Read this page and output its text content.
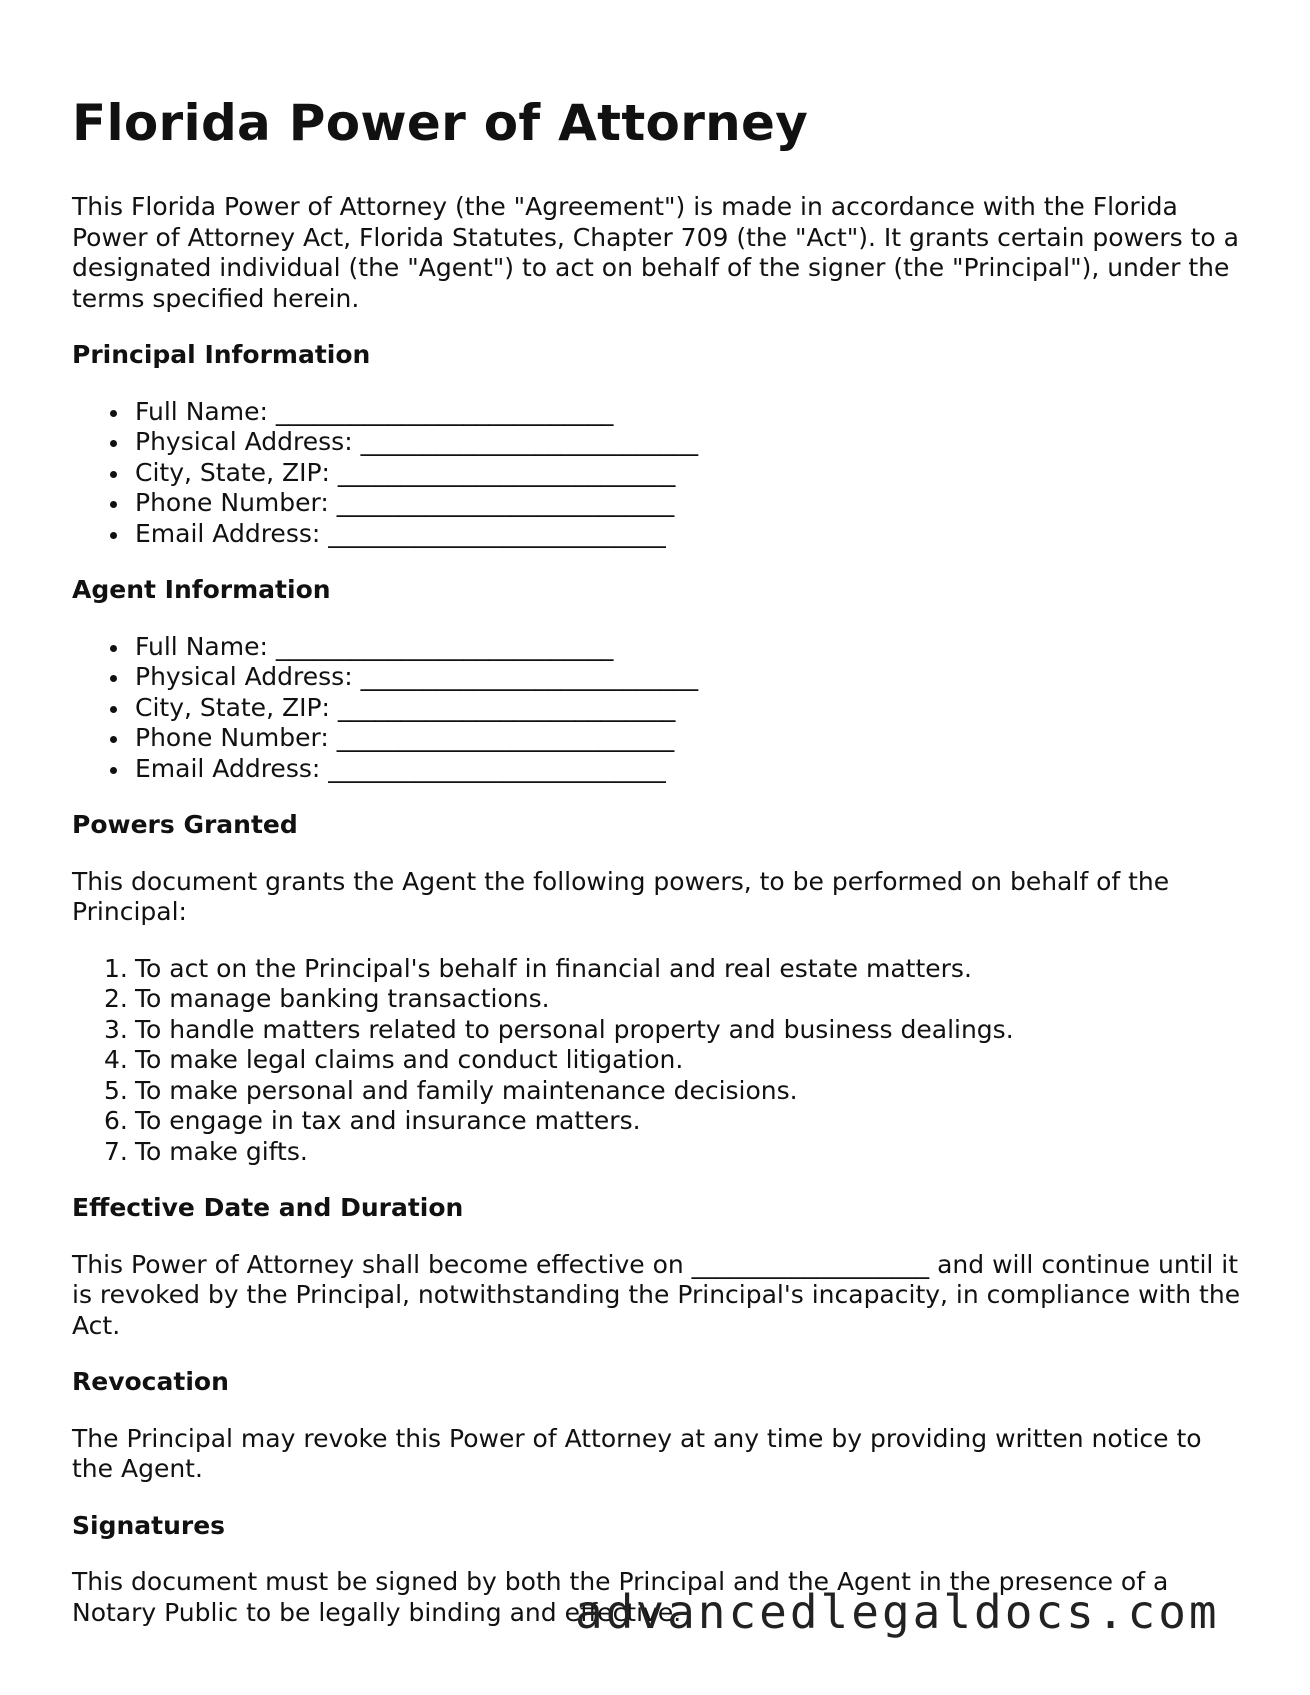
Florida Power of Attorney

This Florida Power of Attorney (the "Agreement") is made in accordance with the Florida Power of Attorney Act, Florida Statutes, Chapter 709 (the "Act"). It grants certain powers to a designated individual (the "Agent") to act on behalf of the signer (the "Principal"), under the terms specified herein.

Principal Information
Full Name: ___________________________
Physical Address: ___________________________
City, State, ZIP: ___________________________
Phone Number: ___________________________
Email Address: ___________________________
Agent Information
Full Name: ___________________________
Physical Address: ___________________________
City, State, ZIP: ___________________________
Phone Number: ___________________________
Email Address: ___________________________
Powers Granted

This document grants the Agent the following powers, to be performed on behalf of the Principal:

1. To act on the Principal's behalf in financial and real estate matters.
2. To manage banking transactions.
3. To handle matters related to personal property and business dealings.
4. To make legal claims and conduct litigation.
5. To make personal and family maintenance decisions.
6. To engage in tax and insurance matters.
7. To make gifts.
Effective Date and Duration

This Power of Attorney shall become effective on ___________________ and will continue until it is revoked by the Principal, notwithstanding the Principal's incapacity, in compliance with the Act.

Revocation

The Principal may revoke this Power of Attorney at any time by providing written notice to the Agent.

Signatures

This document must be signed by both the Principal and the Agent in the presence of a Notary Public to be legally binding and effective.

advancedlegaldocs.com
